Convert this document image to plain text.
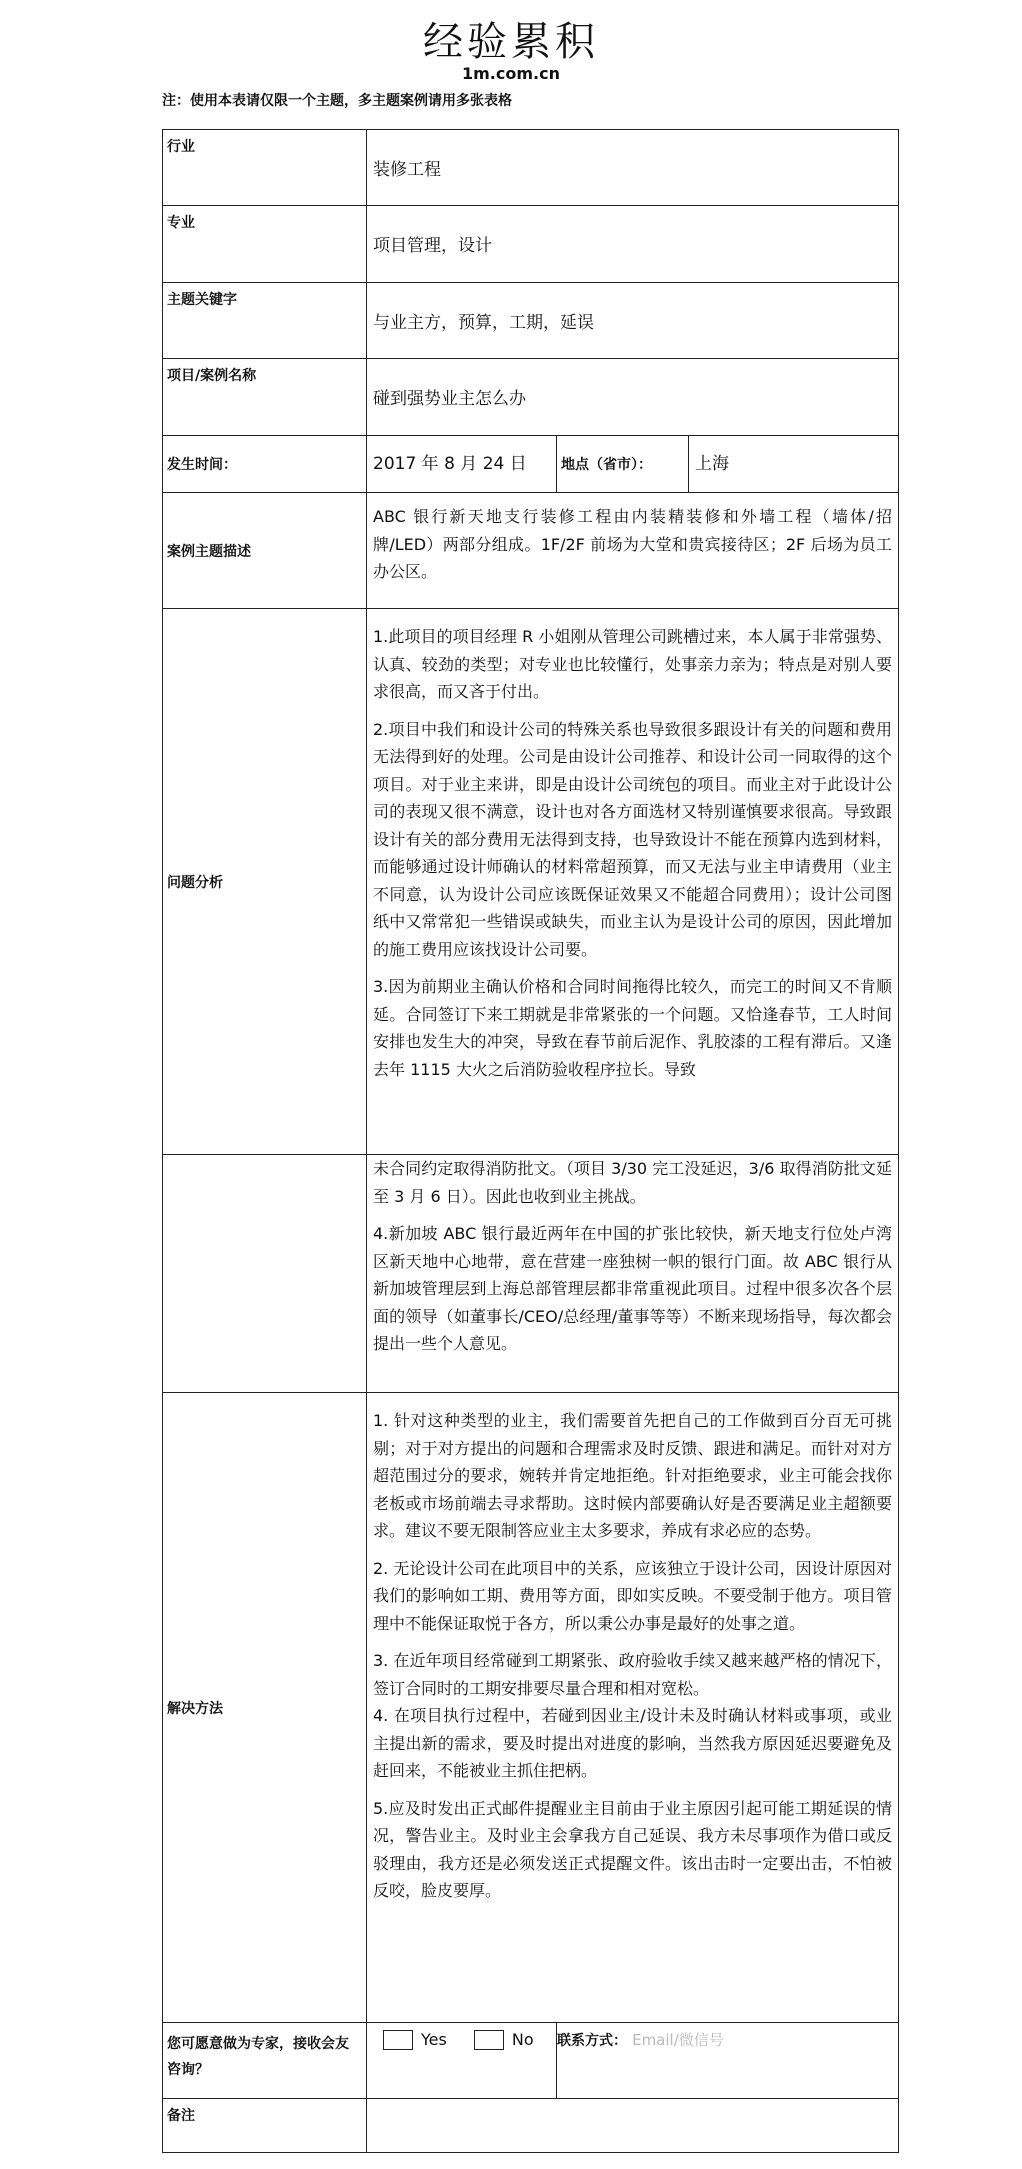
经验累积
1m.com.cn
注：使用本表请仅限一个主题，多主题案例请用多张表格
行业	装修工程		
专业	项目管理，设计		
主题关键字	与业主方，预算，工期，延误		
项目/案例名称	碰到强势业主怎么办		
发生时间：	2017 年 8 月 24 日	地点（省市）：	上海
案例主题描述	ABC 银行新天地支行装修工程由内装精装修和外墙工程（墙体/招牌/LED）两部分组成。1F/2F 前场为大堂和贵宾接待区；2F 后场为员工办公区。		

问题分析	1.此项目的项目经理 R 小姐刚从管理公司跳槽过来，本人属于非常强势、认真、较劲的类型；对专业也比较懂行，处事亲力亲为；特点是对别人要求很高，而又吝于付出。

2.项目中我们和设计公司的特殊关系也导致很多跟设计有关的问题和费用无法得到好的处理。公司是由设计公司推荐、和设计公司一同取得的这个项目。对于业主来讲，即是由设计公司统包的项目。而业主对于此设计公司的表现又很不满意，设计也对各方面选材又特别谨慎要求很高。导致跟设计有关的部分费用无法得到支持，也导致设计不能在预算内选到材料，而能够通过设计师确认的材料常超预算，而又无法与业主申请费用（业主不同意，认为设计公司应该既保证效果又不能超合同费用）；设计公司图纸中又常常犯一些错误或缺失，而业主认为是设计公司的原因，因此增加的施工费用应该找设计公司要。

3.因为前期业主确认价格和合同时间拖得比较久，而完工的时间又不肯顺延。合同签订下来工期就是非常紧张的一个问题。又恰逢春节，工人时间安排也发生大的冲突，导致在春节前后泥作、乳胶漆的工程有滞后。又逢去年 1115 大火之后消防验收程序拉长。导致		

	未合同约定取得消防批文。（项目 3/30 完工没延迟，3/6 取得消防批文延至 3 月 6 日）。因此也收到业主挑战。

4.新加坡 ABC 银行最近两年在中国的扩张比较快，新天地支行位处卢湾区新天地中心地带，意在营建一座独树一帜的银行门面。故 ABC 银行从新加坡管理层到上海总部管理层都非常重视此项目。过程中很多次各个层面的领导（如董事长/CEO/总经理/董事等等）不断来现场指导，每次都会提出一些个人意见。		

解决方法	1. 针对这种类型的业主，我们需要首先把自己的工作做到百分百无可挑剔；对于对方提出的问题和合理需求及时反馈、跟进和满足。而针对对方超范围过分的要求，婉转并肯定地拒绝。针对拒绝要求，业主可能会找你老板或市场前端去寻求帮助。这时候内部要确认好是否要满足业主超额要求。建议不要无限制答应业主太多要求，养成有求必应的态势。

2. 无论设计公司在此项目中的关系，应该独立于设计公司，因设计原因对我们的影响如工期、费用等方面，即如实反映。不要受制于他方。项目管理中不能保证取悦于各方，所以秉公办事是最好的处事之道。

3. 在近年项目经常碰到工期紧张、政府验收手续又越来越严格的情况下，签订合同时的工期安排要尽量合理和相对宽松。

4. 在项目执行过程中，若碰到因业主/设计未及时确认材料或事项，或业主提出新的需求，要及时提出对进度的影响，当然我方原因延迟要避免及赶回来，不能被业主抓住把柄。

5.应及时发出正式邮件提醒业主目前由于业主原因引起可能工期延误的情况，警告业主。及时业主会拿我方自己延误、我方未尽事项作为借口或反驳理由，我方还是必须发送正式提醒文件。该出击时一定要出击，不怕被反咬，脸皮要厚。		

您可愿意做为专家，接收会友咨询？	Yes No	联系方式： Email/微信号	
备注			
